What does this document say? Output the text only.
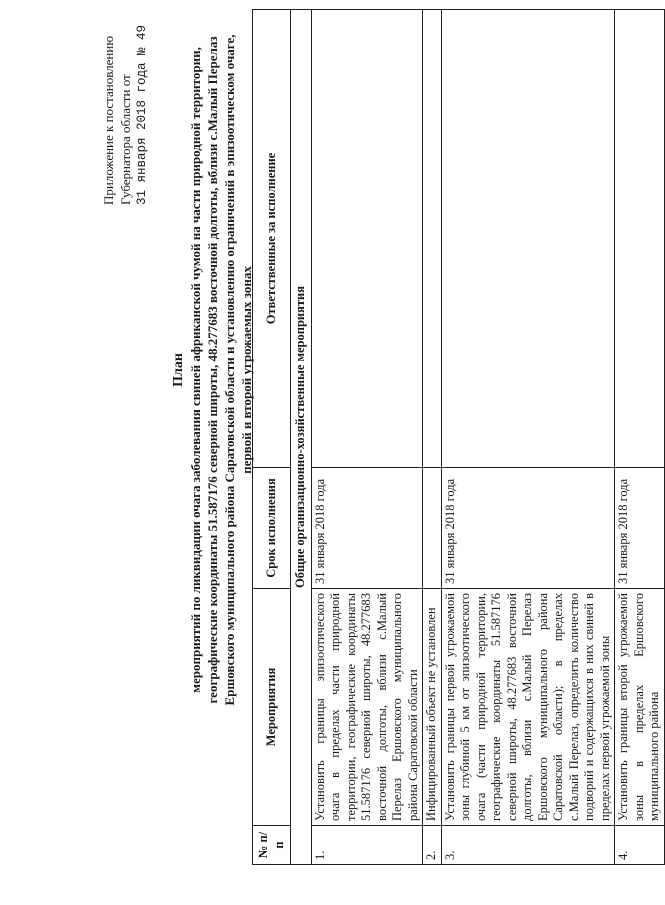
Приложение к постановлению Губернатора области от 31 января 2018 года № 49
План мероприятий по ликвидации очага заболевания свиней африканской чумой на части природной территории, географические координаты 51.587176 северной широты, 48.277683 восточной долготы, вблизи с.Малый Перелаз Ершовского муниципального района Саратовской области и установлению ограничений в эпизоотическом очаге, первой и второй угрожаемых зонах
№ п/п	Мероприятия	Срок исполнения	Ответственные за исполнение
Общие организационно-хозяйственные мероприятия			
1.	Установить границы эпизоотического очага в пределах части природной территории, географические координаты 51.587176 северной широты, 48.277683 восточной долготы, вблизи с.Малый Перелаз Ершовского муниципального района Саратовской области	31 января 2018 года	
2.	Инфицированный объект не установлен		
3.	Установить границы первой угрожаемой зоны глубиной 5 км от эпизоотического очага (части природной территории, географические координаты 51.587176 северной широты, 48.277683 восточной долготы, вблизи с.Малый Перелаз Ершовского муниципального района Саратовской области); в пределах с.Малый Перелаз, определить количество подворий и содержащихся в них свиней в пределах первой угрожаемой зоны	31 января 2018 года	
4.	Установить границы второй угрожаемой зоны в пределах Ершовского муниципального района	31 января 2018 года	
